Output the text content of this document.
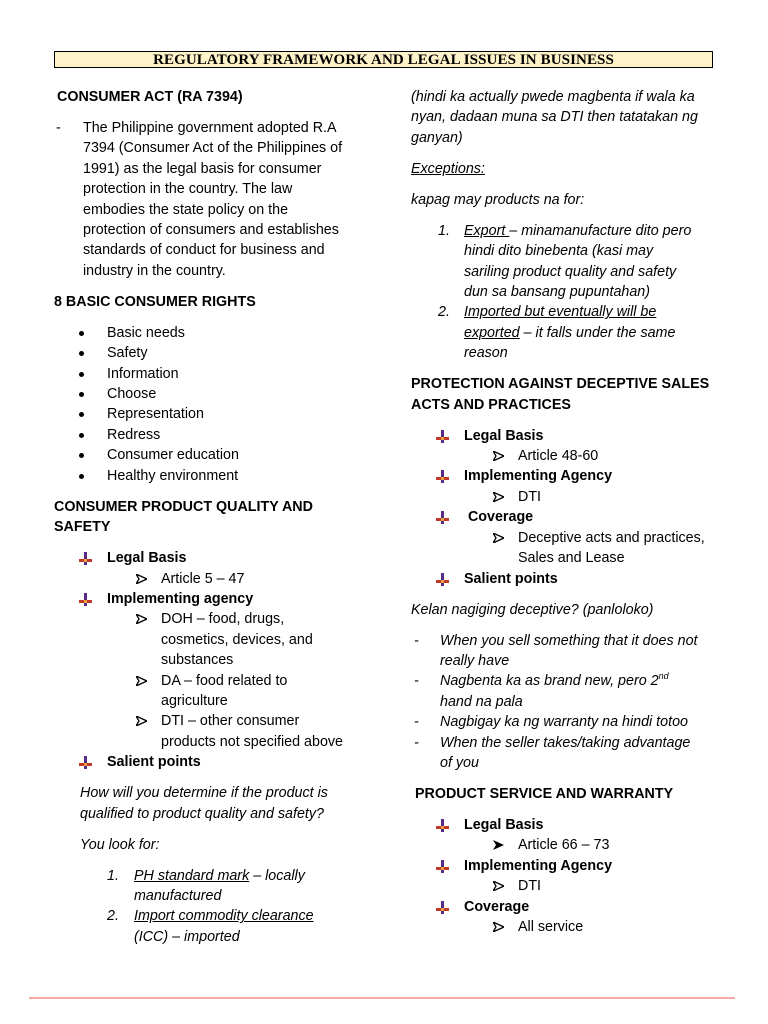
REGULATORY FRAMEWORK AND LEGAL ISSUES IN BUSINESS
CONSUMER ACT (RA 7394)
- The Philippine government adopted R.A
7394 (Consumer Act of the Philippines of
1991) as the legal basis for consumer
protection in the country. The law
embodies the state policy on the
protection of consumers and establishes
standards of conduct for business and
industry in the country.
8 BASIC CONSUMER RIGHTS
Basic needs
Safety
Information
Choose
Representation
Redress
Consumer education
Healthy environment
CONSUMER PRODUCT QUALITY AND SAFETY
Legal Basis
Article 5 – 47
Implementing agency
DOH – food, drugs,
cosmetics, devices, and
substances
DA – food related to
agriculture
DTI – other consumer
products not specified above
Salient points
How will you determine if the product is
qualified to product quality and safety?
You look for:
1. PH standard mark – locally
manufactured
2. Import commodity clearance
(ICC) – imported
(hindi ka actually pwede magbenta if wala ka
nyan, dadaan muna sa DTI then tatatakan ng
ganyan)
Exceptions:
kapag may products na for:
1. Export – minamanufacture dito pero
hindi dito binebenta (kasi may
sariling product quality and safety
dun sa bansang pupuntahan)
2. Imported but eventually will be
exported – it falls under the same
reason
PROTECTION AGAINST DECEPTIVE SALES
ACTS AND PRACTICES
Legal Basis
Article 48-60
Implementing Agency
DTI
Coverage
Deceptive acts and practices,
Sales and Lease
Salient points
Kelan nagiging deceptive? (panloloko)
- When you sell something that it does not
really have
- Nagbenta ka as brand new, pero 2nd
hand na pala
- Nagbigay ka ng warranty na hindi totoo
- When the seller takes/taking advantage
of you
PRODUCT SERVICE AND WARRANTY
Legal Basis
Article 66 – 73
Implementing Agency
DTI
Coverage
All service
